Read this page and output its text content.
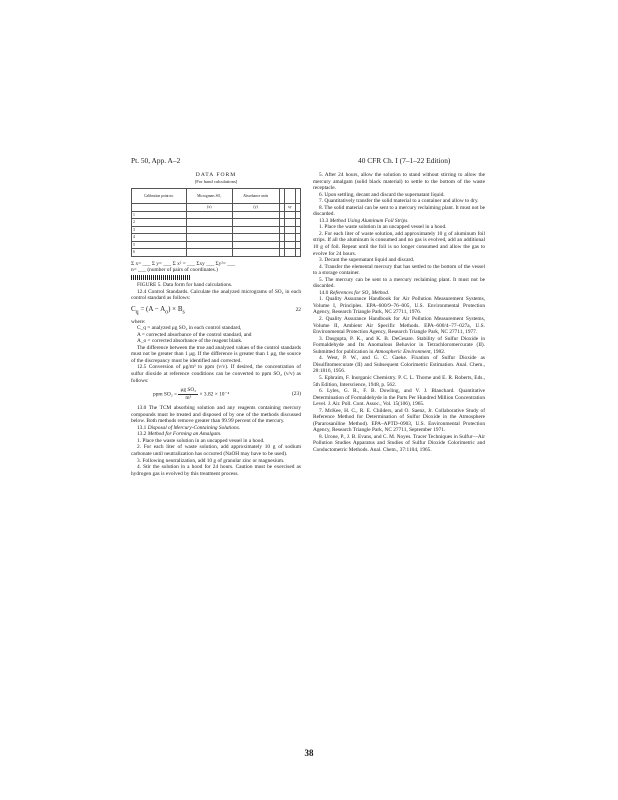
Pt. 50, App. A–2	40 CFR Ch. I (7–1–22 Edition)

DATA FORM

[For hand calculations]

Calibration point no.	Micrograms SO₂	Absorbance units			
	(x)	(y)		xy	
1					
2					
3					
4					
5					
6					

Σ x= ___ Σ y= ___ Σ x² = ___ Σxy ___ Σy²= ___

n= ___ (number of pairs of coordinates.)

FIGURE 5. Data form for hand calculations.

12.4 Control Standards. Calculate the analyzed micrograms of SO₂ in each control standard as follows:

$C_q = (A - A_o) \times B_s$	22

where:

C_q = analyzed μg SO₂ in each control standard,

A = corrected absorbance of the control standard, and

A_o = corrected absorbance of the reagent blank.

The difference between the true and analyzed values of the control standards must not be greater than 1 μg. If the difference is greater than 1 μg, the source of the discrepancy must be identified and corrected.

12.5 Conversion of μg/m³ to ppm (v/v). If desired, the concentration of sulfur dioxide at reference conditions can be converted to ppm SO₂ (v/v) as follows:

ppm $SO_2 = \frac{\text{μg SO₂}}{\text{m³}} \times 3.82 \times 10^{-4}$	(23)

13.0 The TCM absorbing solution and any reagents containing mercury compounds must be treated and disposed of by one of the methods discussed below. Both methods remove greater than 99.99 percent of the mercury.

13.1 Disposal of Mercury-Containing Solutions.

13.2 Method for Forming an Amalgam.

1. Place the waste solution in an uncapped vessel in a hood.

2. For each liter of waste solution, add approximately 10 g of sodium carbonate until neutralization has occurred (NaOH may have to be used).

3. Following neutralization, add 10 g of granular zinc or magnesium.

4. Stir the solution in a hood for 24 hours. Caution must be exercised as hydrogen gas is evolved by this treatment process.

5. After 24 hours, allow the solution to stand without stirring to allow the mercury amalgam (solid black material) to settle to the bottom of the waste receptacle.

6. Upon settling, decant and discard the supernatant liquid.

7. Quantitatively transfer the solid material to a container and allow to dry.

8. The solid material can be sent to a mercury reclaiming plant. It must not be discarded.

13.3 Method Using Aluminum Foil Strips.

1. Place the waste solution in an uncapped vessel in a hood.

2. For each liter of waste solution, add approximately 10 g of aluminum foil strips. If all the aluminum is consumed and no gas is evolved, add an additional 10 g of foil. Repeat until the foil is no longer consumed and allow the gas to evolve for 24 hours.

3. Decant the supernatant liquid and discard.

4. Transfer the elemental mercury that has settled to the bottom of the vessel to a storage container.

5. The mercury can be sent to a mercury reclaiming plant. It must not be discarded.

14.0 References for SO₂ Method.

1. Quality Assurance Handbook for Air Pollution Measurement Systems, Volume I, Principles. EPA–600/9–76–005, U.S. Environmental Protection Agency, Research Triangle Park, NC 27711, 1976.

2. Quality Assurance Handbook for Air Pollution Measurement Systems, Volume II, Ambient Air Specific Methods. EPA–600/4–77–027a, U.S. Environmental Protection Agency, Research Triangle Park, NC 27711, 1977.

3. Dasgupta, P. K., and K. B. DeCesare. Stability of Sulfur Dioxide in Formaldehyde and Its Anomalous Behavior in Tetrachloromercurate (II). Submitted for publication in Atmospheric Environment, 1982.

4. West, P. W., and G. C. Gaeke. Fixation of Sulfur Dioxide as Disulfitomercurate (II) and Subsequent Colorimetric Estimation. Anal. Chem., 28:1816, 1956.

5. Ephraim, F. Inorganic Chemistry. P. C. L. Thorne and E. R. Roberts, Eds., 5th Edition, Interscience, 1948, p. 562.

6. Lyles, G. R., F. B. Dowling, and V. J. Blanchard. Quantitative Determination of Formaldehyde in the Parts Per Hundred Million Concentration Level. J. Air. Poll. Cont. Assoc., Vol. 15(106), 1965.

7. McKee, H. C., R. E. Childers, and O. Saenz, Jr. Collaborative Study of Reference Method for Determination of Sulfur Dioxide in the Atmosphere (Pararosaniline Method). EPA–APTD–0903, U.S. Environmental Protection Agency, Research Triangle Park, NC 27711, September 1971.

8. Urone, P., J. B. Evans, and C. M. Noyes. Tracer Techniques in Sulfur—Air Pollution Studies Apparatus and Studies of Sulfur Dioxide Colorimetric and Conductometric Methods. Anal. Chem., 37:1104, 1965.

38
